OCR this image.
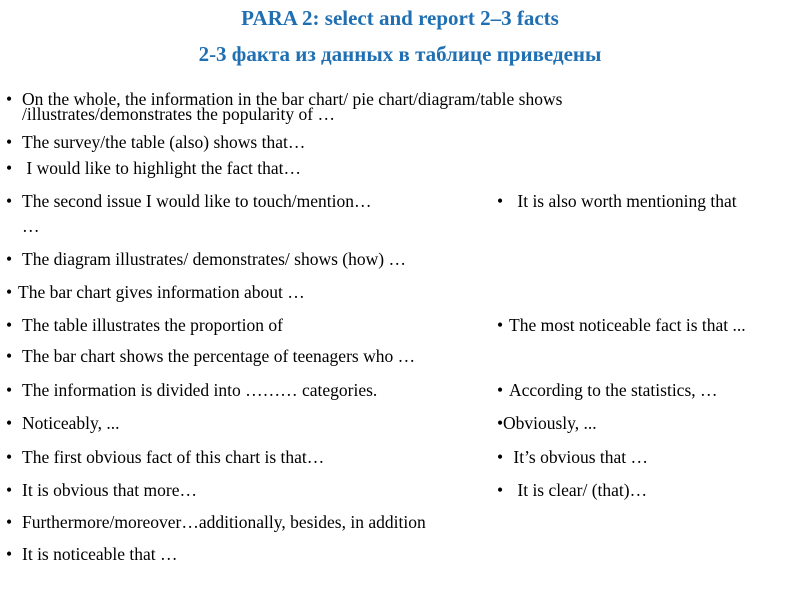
PARA 2: select and report 2–3 facts
2-3 факта из данных в таблице приведены
• On the whole, the information in the bar chart/ pie chart/diagram/table shows
/illustrates/demonstrates the popularity of …
• The survey/the table (also) shows that…
• I would like to highlight the fact that…
• The second issue I would like to touch/mention…	• It is also worth mentioning that
…
• The diagram illustrates/ demonstrates/ shows (how) …
• The bar chart gives information about …
• The table illustrates the proportion of	• The most noticeable fact is that ...
• The bar chart shows the percentage of teenagers who …
• The information is divided into ……… categories.	• According to the statistics, …
• Noticeably, ...	•Obviously, ...
• The first obvious fact of this chart is that…	• It’s obvious that …
• It is obvious that more…	• It is clear/ (that)…
• Furthermore/moreover…additionally, besides, in addition
• It is noticeable that …
